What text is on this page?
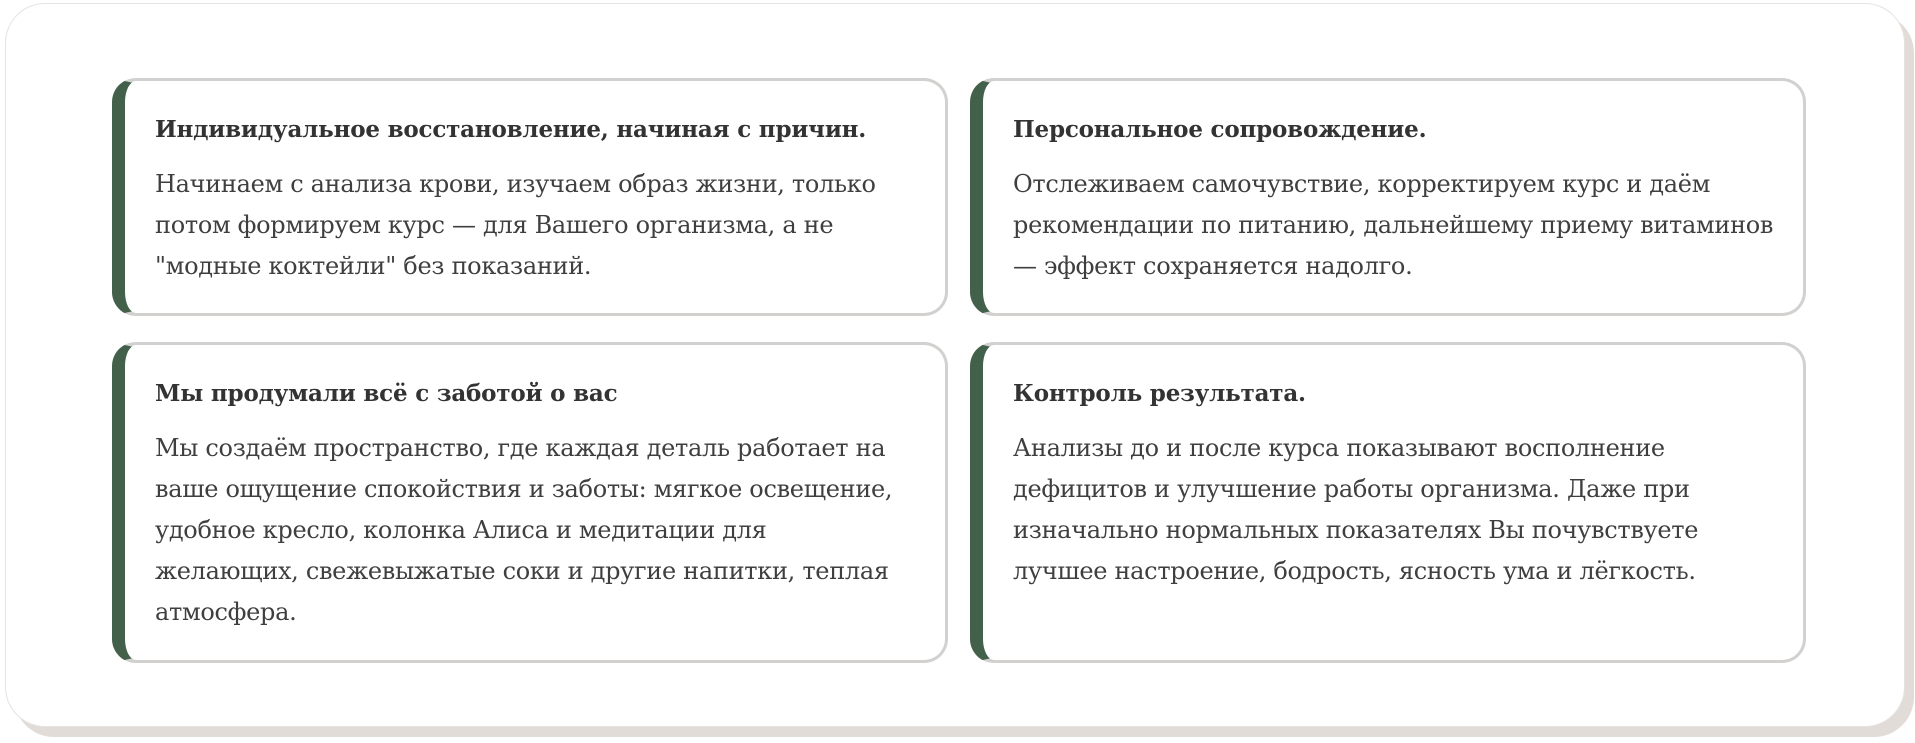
Индивидуальное восстановление, начиная с причин.

Начинаем с анализа крови, изучаем образ жизни, только потом формируем курс — для Вашего организма, а не "модные коктейли" без показаний.

Персональное сопровождение.

Отслеживаем самочувствие, корректируем курс и даём рекомендации по питанию, дальнейшему приему витаминов — эффект сохраняется надолго.

Мы продумали всё с заботой о вас

Мы создаём пространство, где каждая деталь работает на ваше ощущение спокойствия и заботы: мягкое освещение, удобное кресло, колонка Алиса и медитации для желающих, свежевыжатые соки и другие напитки, теплая атмосфера.

Контроль результата.

Анализы до и после курса показывают восполнение дефицитов и улучшение работы организма. Даже при изначально нормальных показателях Вы почувствуете лучшее настроение, бодрость, ясность ума и лёгкость.
